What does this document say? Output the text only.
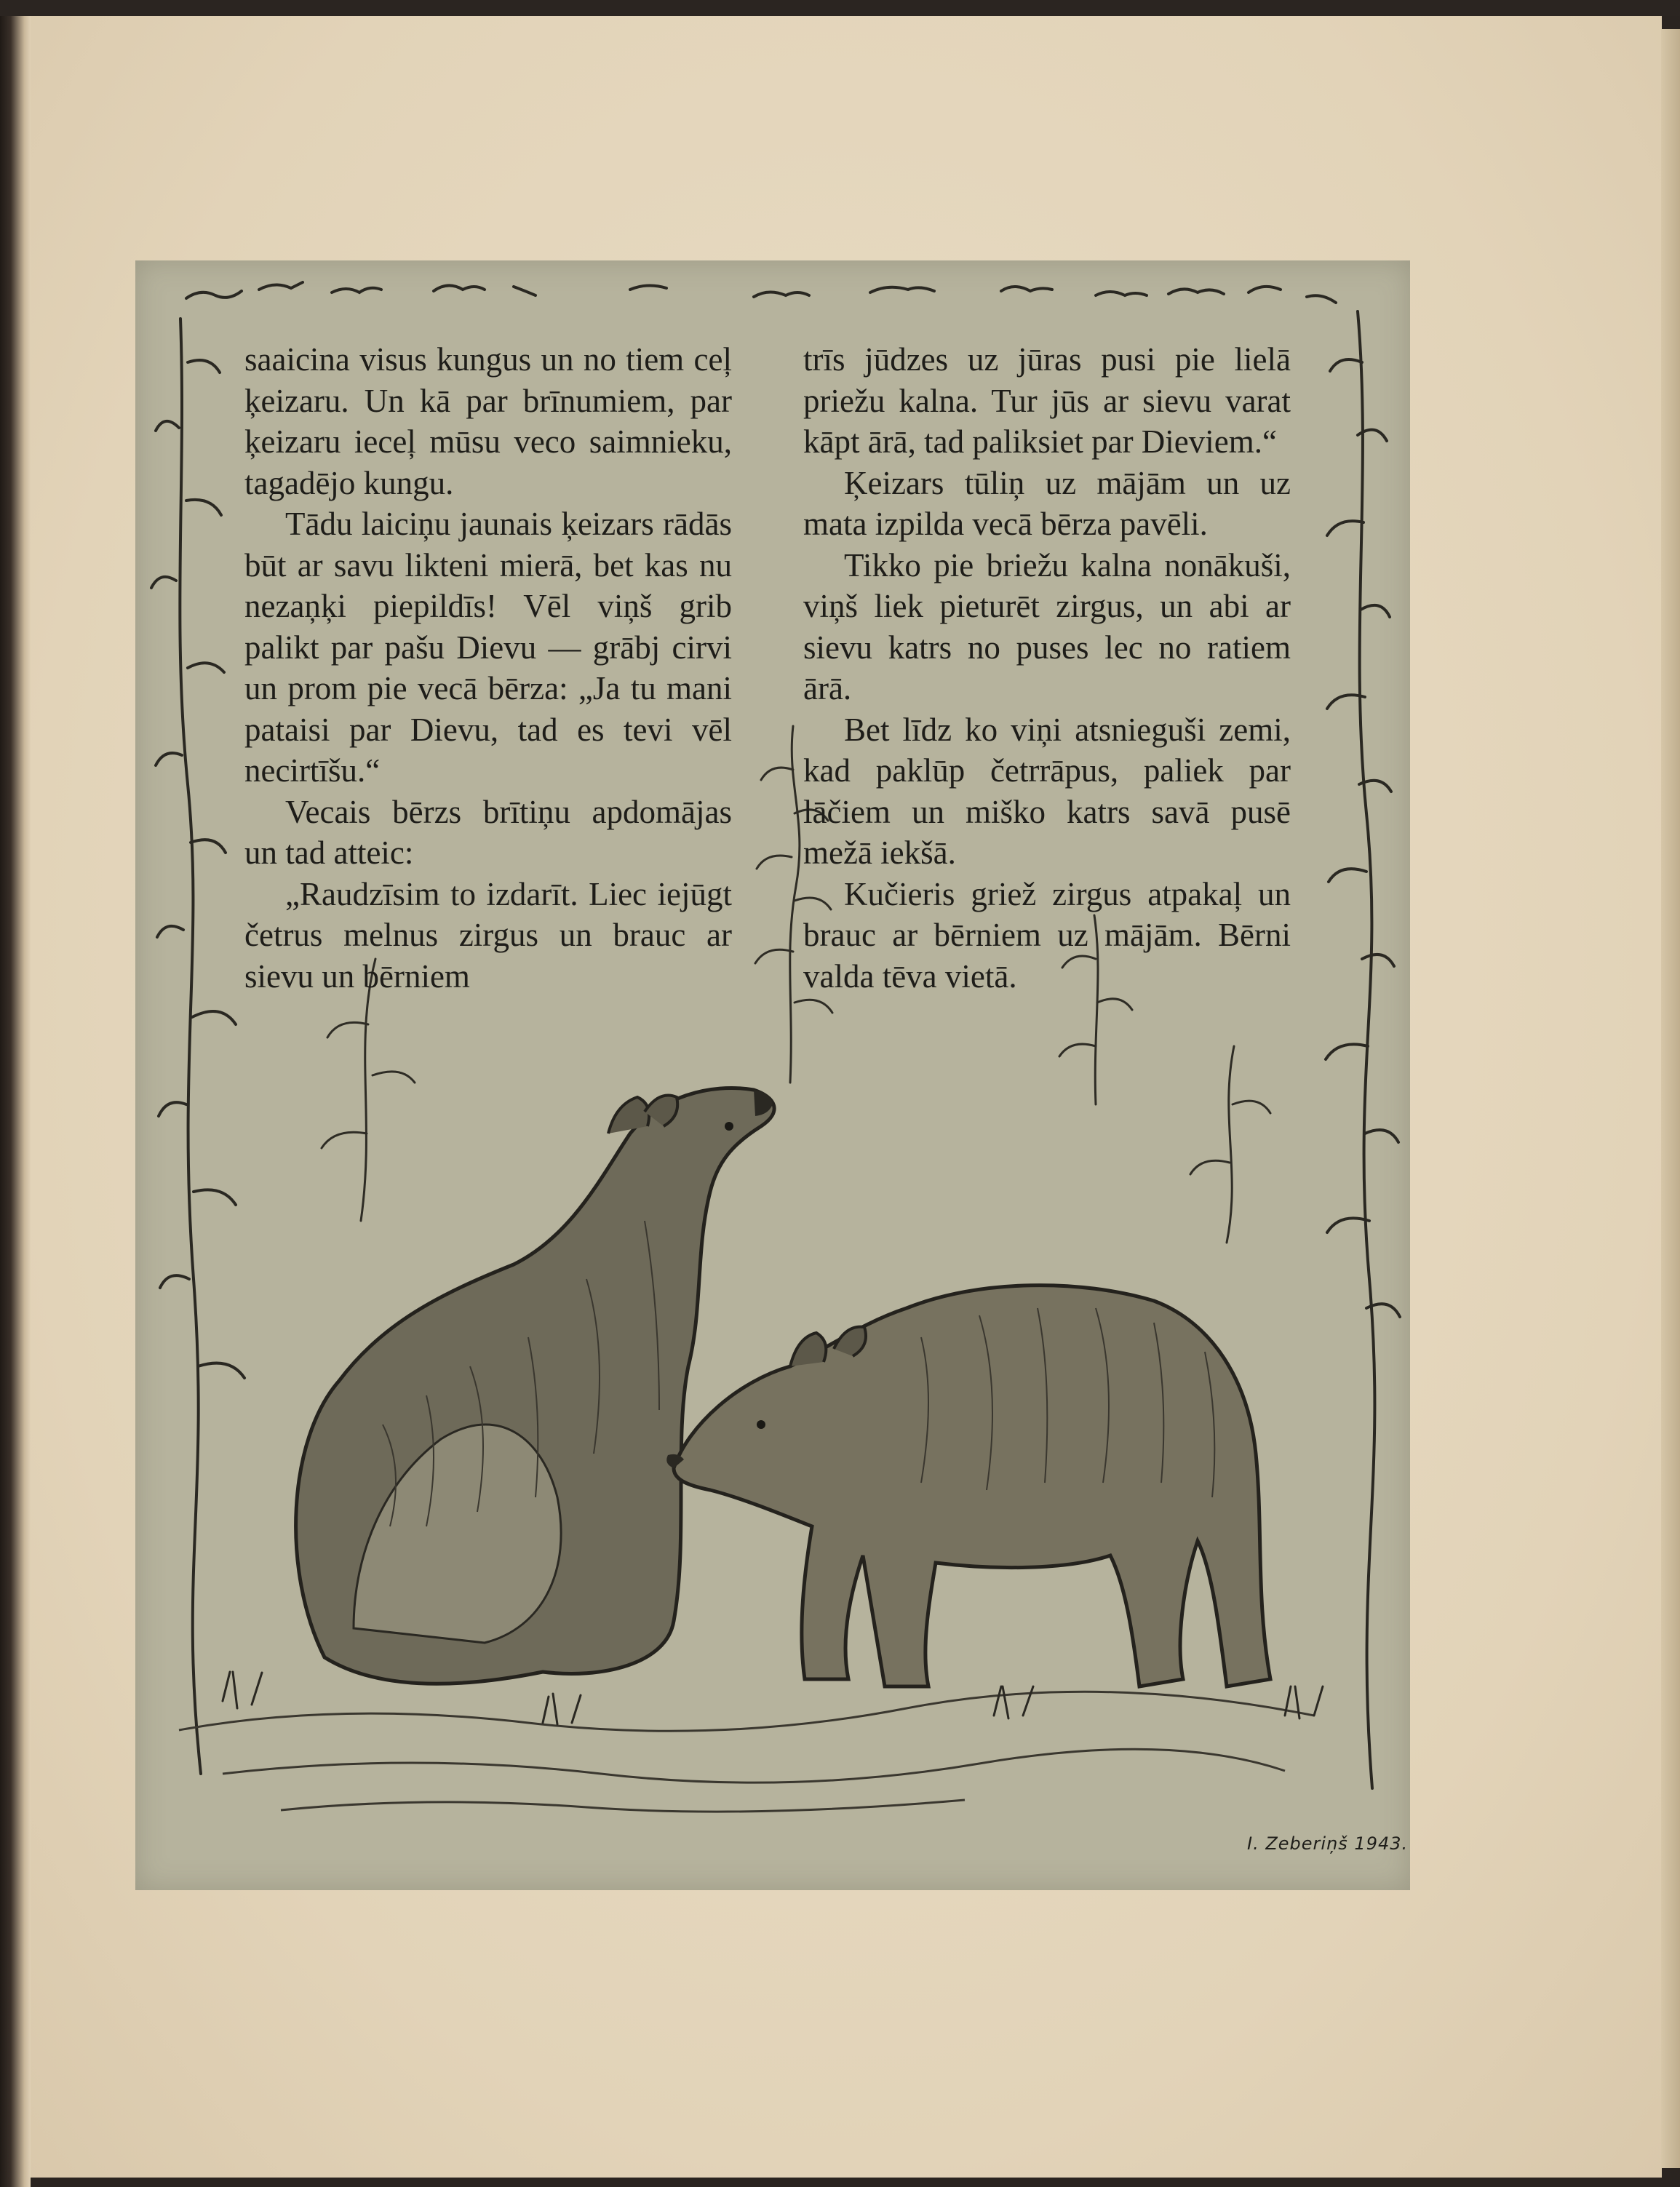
saaicina visus kungus un no tiem ceļ ķeizaru. Un kā par brīnumiem, par ķeizaru ieceļ mūsu veco saimnieku, tagadējo kungu.

Tādu laiciņu jaunais ķeizars rādās būt ar savu likteni mierā, bet kas nu nezaņķi piepildīs! Vēl viņš grib palikt par pašu Dievu — grābj cirvi un prom pie vecā bērza: „Ja tu mani pataisi par Dievu, tad es tevi vēl necirtīšu.“

Vecais bērzs brītiņu apdomājas un tad atteic:

„Raudzīsim to izdarīt. Liec iejūgt četrus melnus zirgus un brauc ar sievu un bērniem

trīs jūdzes uz jūras pusi pie lielā priežu kalna. Tur jūs ar sievu varat kāpt ārā, tad paliksiet par Dieviem.“

Ķeizars tūliņ uz mājām un uz mata izpilda vecā bērza pavēli.

Tikko pie briežu kalna nonākuši, viņš liek pieturēt zirgus, un abi ar sievu katrs no puses lec no ratiem ārā.

Bet līdz ko viņi atsnieguši zemi, kad paklūp četrrāpus, paliek par lāčiem un miško katrs savā pusē mežā iekšā.

Kučieris griež zirgus atpakaļ un brauc ar bērniem uz mājām. Bērni valda tēva vietā.

I. Zeberiņš 1943.
